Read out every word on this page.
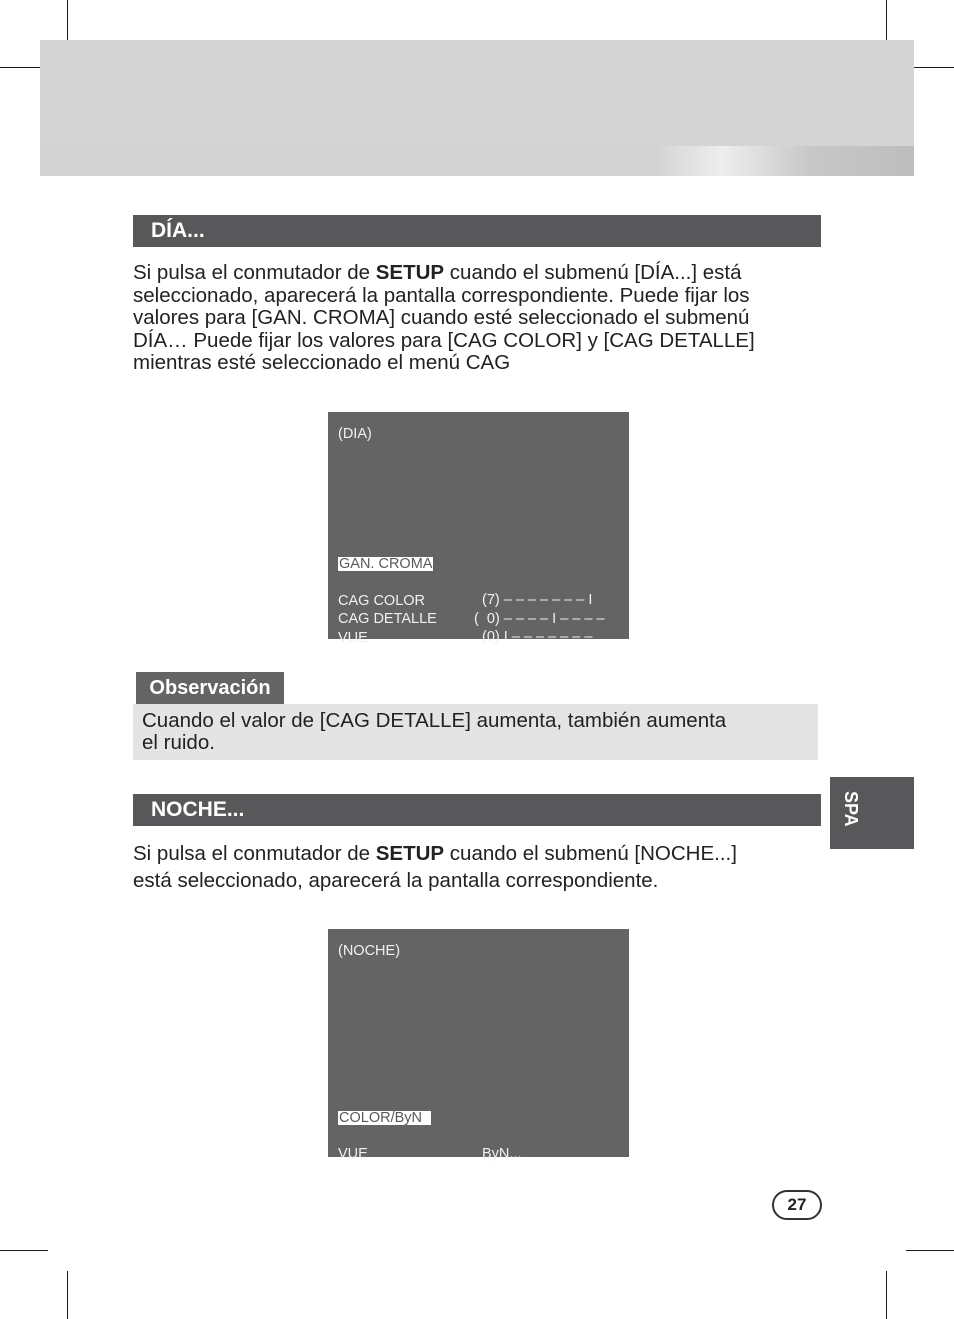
DÍA...
Si pulsa el conmutador de SETUP cuando el submenú [DÍA...] está
seleccionado, aparecerá la pantalla correspondiente. Puede fijar los
valores para [GAN. CROMA] cuando esté seleccionado el submenú
DÍA… Puede fijar los valores para [CAG COLOR] y [CAG DETALLE]
mientras esté seleccionado el menú CAG
(DIA)

GAN. CROMA

(7) – – – – – – – I

CAG COLOR

(  0) – – – – I – – – –

CAG DETALLE

(0) I – – – – – – –

VUE

Observación
Cuando el valor de [CAG DETALLE] aumenta, también aumenta
el ruido.
SPA
NOCHE...
Si pulsa el conmutador de SETUP cuando el submenú [NOCHE...]
está seleccionado, aparecerá la pantalla correspondiente.
(NOCHE)

COLOR/ByN

ByN...

VUE

27
